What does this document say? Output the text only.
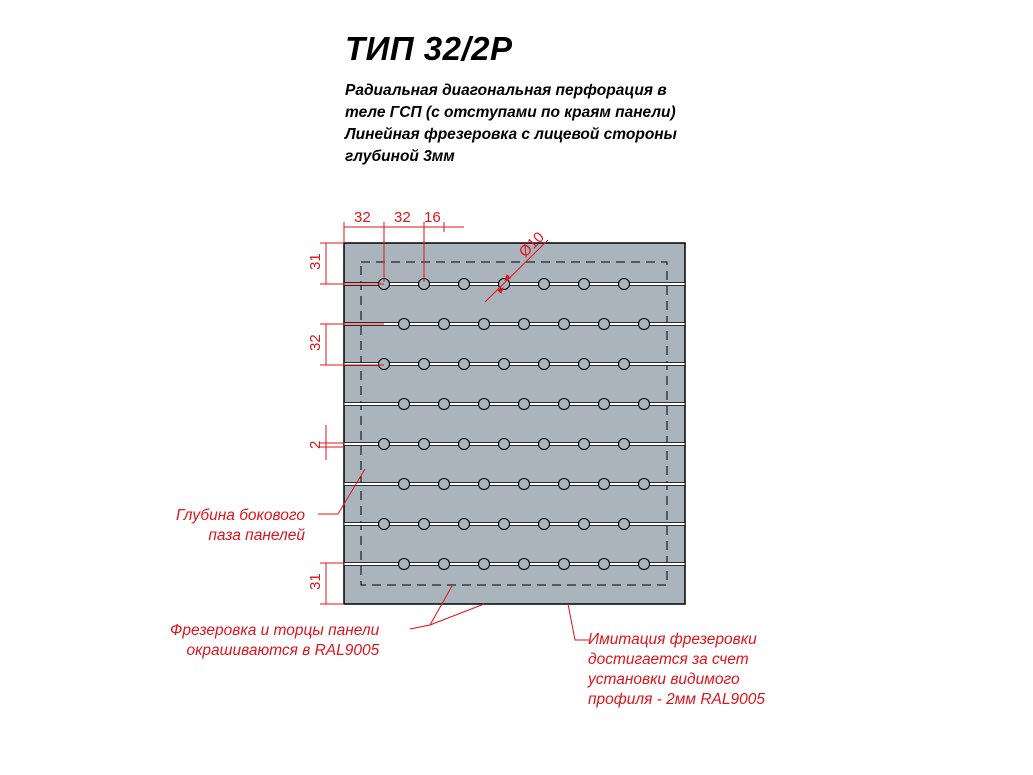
ТИП 32/2Р
Радиальная диагональная перфорация в
теле ГСП (с отступами по краям панели)
Линейная фрезеровка с лицевой стороны
глубиной 3мм
32 32 16
Ø10
31
32
2
31
Глубина бокового
паза панелей
Фрезеровка и торцы панели
окрашиваются в RAL9005
Имитация фрезеровки
достигается за счет
установки видимого
профиля - 2мм RAL9005
